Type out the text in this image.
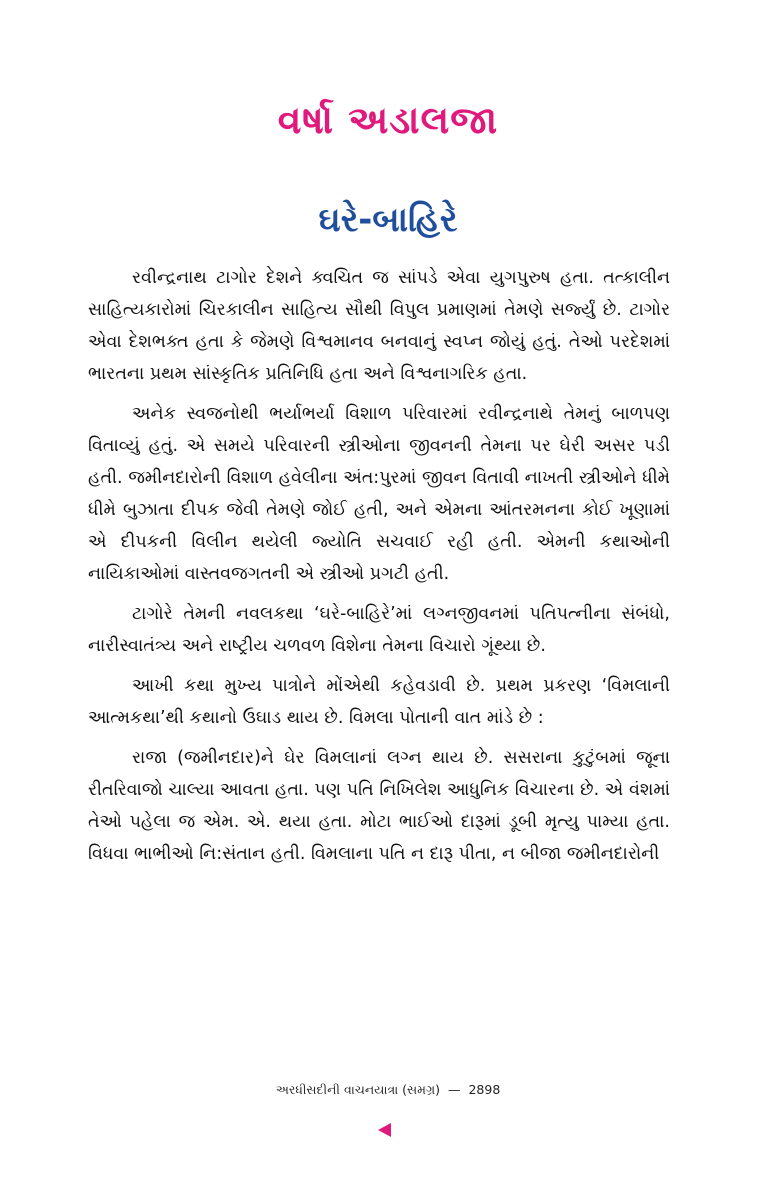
વર્ષા અડાલજા
ઘરે-બાહિરે

રવીન્દ્રનાથ ટાગોર દેશને ક્વચિત જ સાંપડે એવા યુગપુરુષ હતા. તત્કાલીન સાહિત્યકારોમાં ચિરકાલીન સાહિત્ય સૌથી વિપુલ પ્રમાણમાં તેમણે સર્જ્યું છે. ટાગોર એવા દેશભક્ત હતા કે જેમણે વિશ્વમાનવ બનવાનું સ્વપ્ન જોયું હતું. તેઓ પરદેશમાં ભારતના પ્રથમ સાંસ્કૃતિક પ્રતિનિધિ હતા અને વિશ્વનાગરિક હતા.

અનેક સ્વજનોથી ભર્યાભર્યા વિશાળ પરિવારમાં રવીન્દ્રનાથે તેમનું બાળપણ વિતાવ્યું હતું. એ સમયે પરિવારની સ્ત્રીઓના જીવનની તેમના પર ઘેરી અસર પડી હતી. જમીનદારોની વિશાળ હવેલીના અંત:પુરમાં જીવન વિતાવી નાખતી સ્ત્રીઓને ધીમે ધીમે બુઝાતા દીપક જેવી તેમણે જોઈ હતી, અને એમના આંતરમનના કોઈ ખૂણામાં એ દીપકની વિલીન થયેલી જ્યોતિ સચવાઈ રહી હતી. એમની કથાઓની નાયિકાઓમાં વાસ્તવજગતની એ સ્ત્રીઓ પ્રગટી હતી.

ટાગોરે તેમની નવલકથા ‘ઘરે-બાહિરે’માં લગ્નજીવનમાં પતિપત્નીના સંબંધો, નારીસ્વાતંત્ર્ય અને રાષ્ટ્રીય ચળવળ વિશેના તેમના વિચારો ગૂંથ્યા છે.

આખી કથા મુખ્ય પાત્રોને મોંએથી કહેવડાવી છે. પ્રથમ પ્રકરણ ‘વિમલાની આત્મકથા’થી કથાનો ઉઘાડ થાય છે. વિમલા પોતાની વાત માંડે છે :

રાજા (જમીનદાર)ને ઘેર વિમલાનાં લગ્ન થાય છે. સસરાના કુટુંબમાં જૂના રીતરિવાજો ચાલ્યા આવતા હતા. પણ પતિ નિખિલેશ આધુનિક વિચારના છે. એ વંશમાં તેઓ પહેલા જ એમ. એ. થયા હતા. મોટા ભાઈઓ દારૂમાં ડૂબી મૃત્યુ પામ્યા હતા. વિધવા ભાભીઓ નિ:સંતાન હતી. વિમલાના પતિ ન દારૂ પીતા, ન બીજા જમીનદારોની

અરધીસદીની વાચનયાત્રા (સમગ્ર) — 2898
